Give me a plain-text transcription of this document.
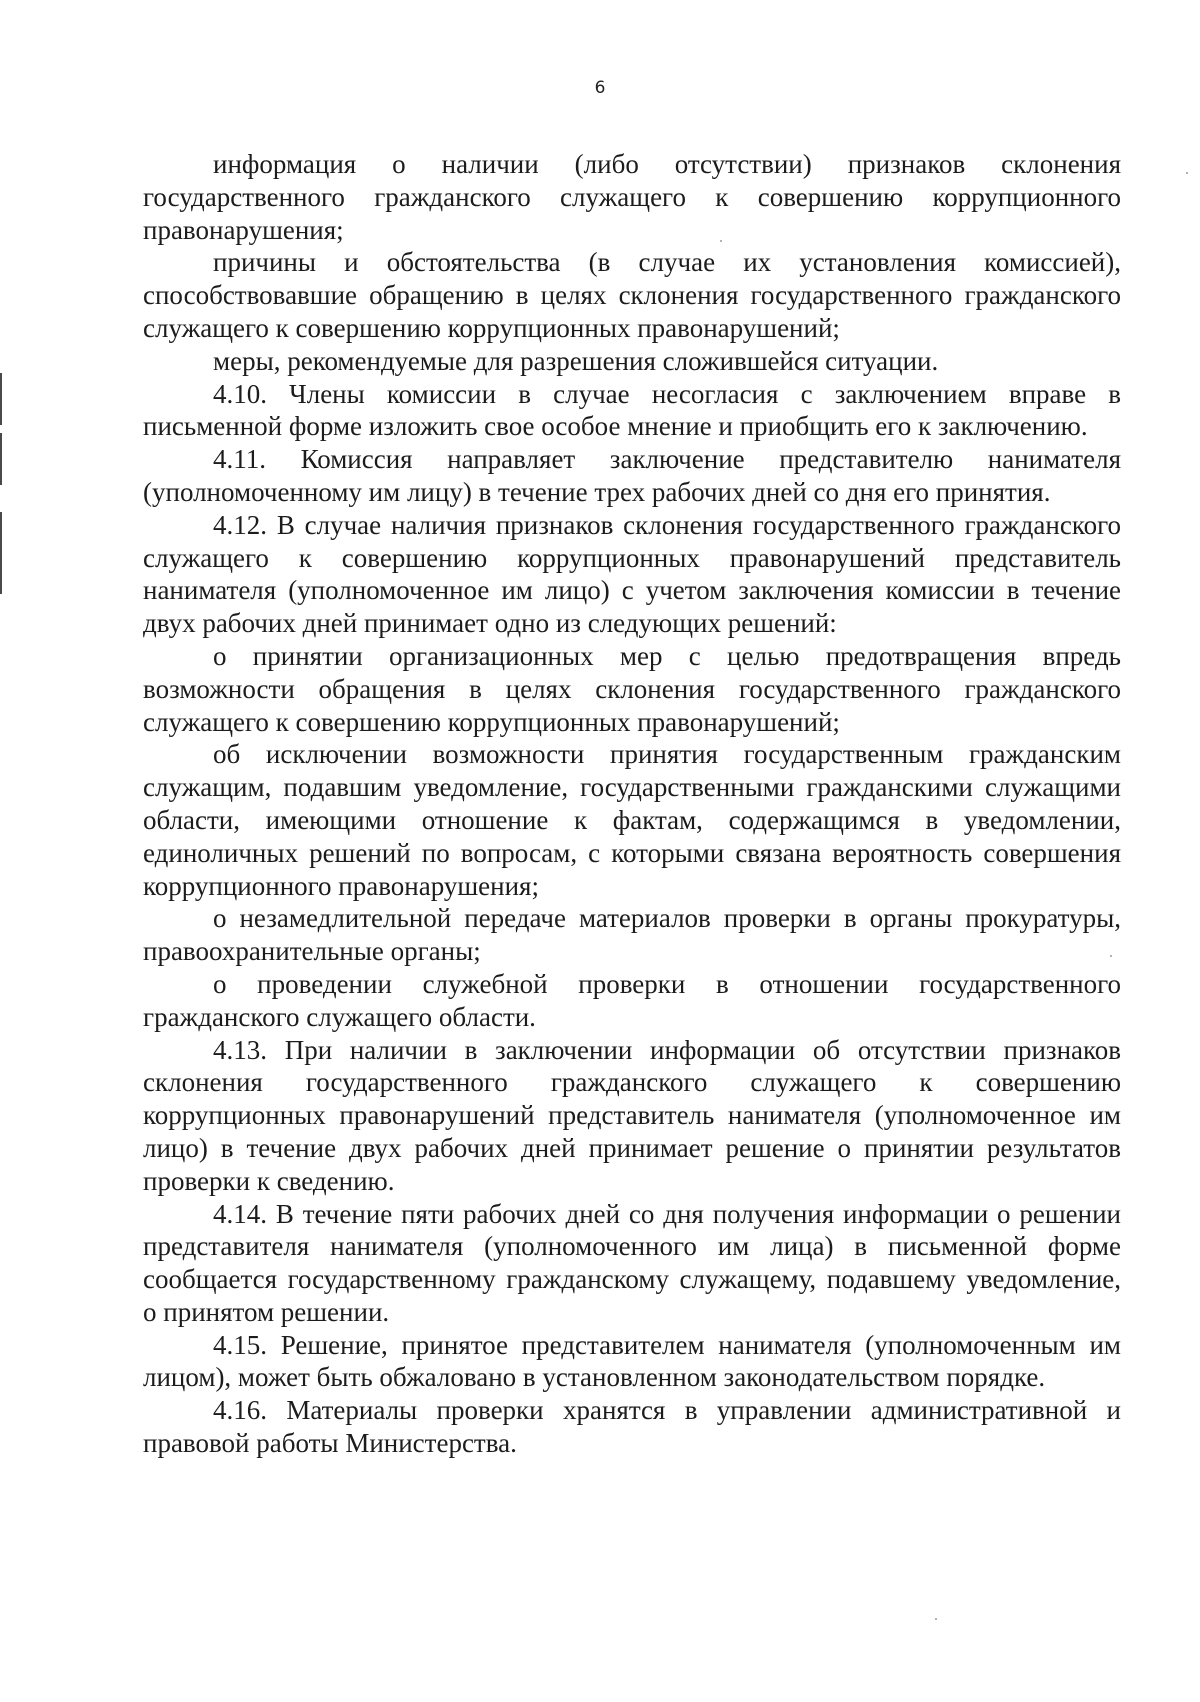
6

информация о наличии (либо отсутствии) признаков склонения государственного гражданского служащего к совершению коррупционного правонарушения;

причины и обстоятельства (в случае их установления комиссией), способствовавшие обращению в целях склонения государственного гражданского служащего к совершению коррупционных правонарушений;

меры, рекомендуемые для разрешения сложившейся ситуации.

4.10. Члены комиссии в случае несогласия с заключением вправе в письменной форме изложить свое особое мнение и приобщить его к заключению.

4.11. Комиссия направляет заключение представителю нанимателя (уполномоченному им лицу) в течение трех рабочих дней со дня его принятия.

4.12. В случае наличия признаков склонения государственного гражданского служащего к совершению коррупционных правонарушений представитель нанимателя (уполномоченное им лицо) с учетом заключения комиссии в течение двух рабочих дней принимает одно из следующих решений:

о принятии организационных мер с целью предотвращения впредь возможности обращения в целях склонения государственного гражданского служащего к совершению коррупционных правонарушений;

об исключении возможности принятия государственным гражданским служащим, подавшим уведомление, государственными гражданскими служащими области, имеющими отношение к фактам, содержащимся в уведомлении, единоличных решений по вопросам, с которыми связана вероятность совершения коррупционного правонарушения;

о незамедлительной передаче материалов проверки в органы прокуратуры, правоохранительные органы;

о проведении служебной проверки в отношении государственного гражданского служащего области.

4.13. При наличии в заключении информации об отсутствии признаков склонения государственного гражданского служащего к совершению коррупционных правонарушений представитель нанимателя (уполномоченное им лицо) в течение двух рабочих дней принимает решение о принятии результатов проверки к сведению.

4.14. В течение пяти рабочих дней со дня получения информации о решении представителя нанимателя (уполномоченного им лица) в письменной форме сообщается государственному гражданскому служащему, подавшему уведомление, о принятом решении.

4.15. Решение, принятое представителем нанимателя (уполномоченным им лицом), может быть обжаловано в установленном законодательством порядке.

4.16. Материалы проверки хранятся в управлении административной и правовой работы Министерства.
